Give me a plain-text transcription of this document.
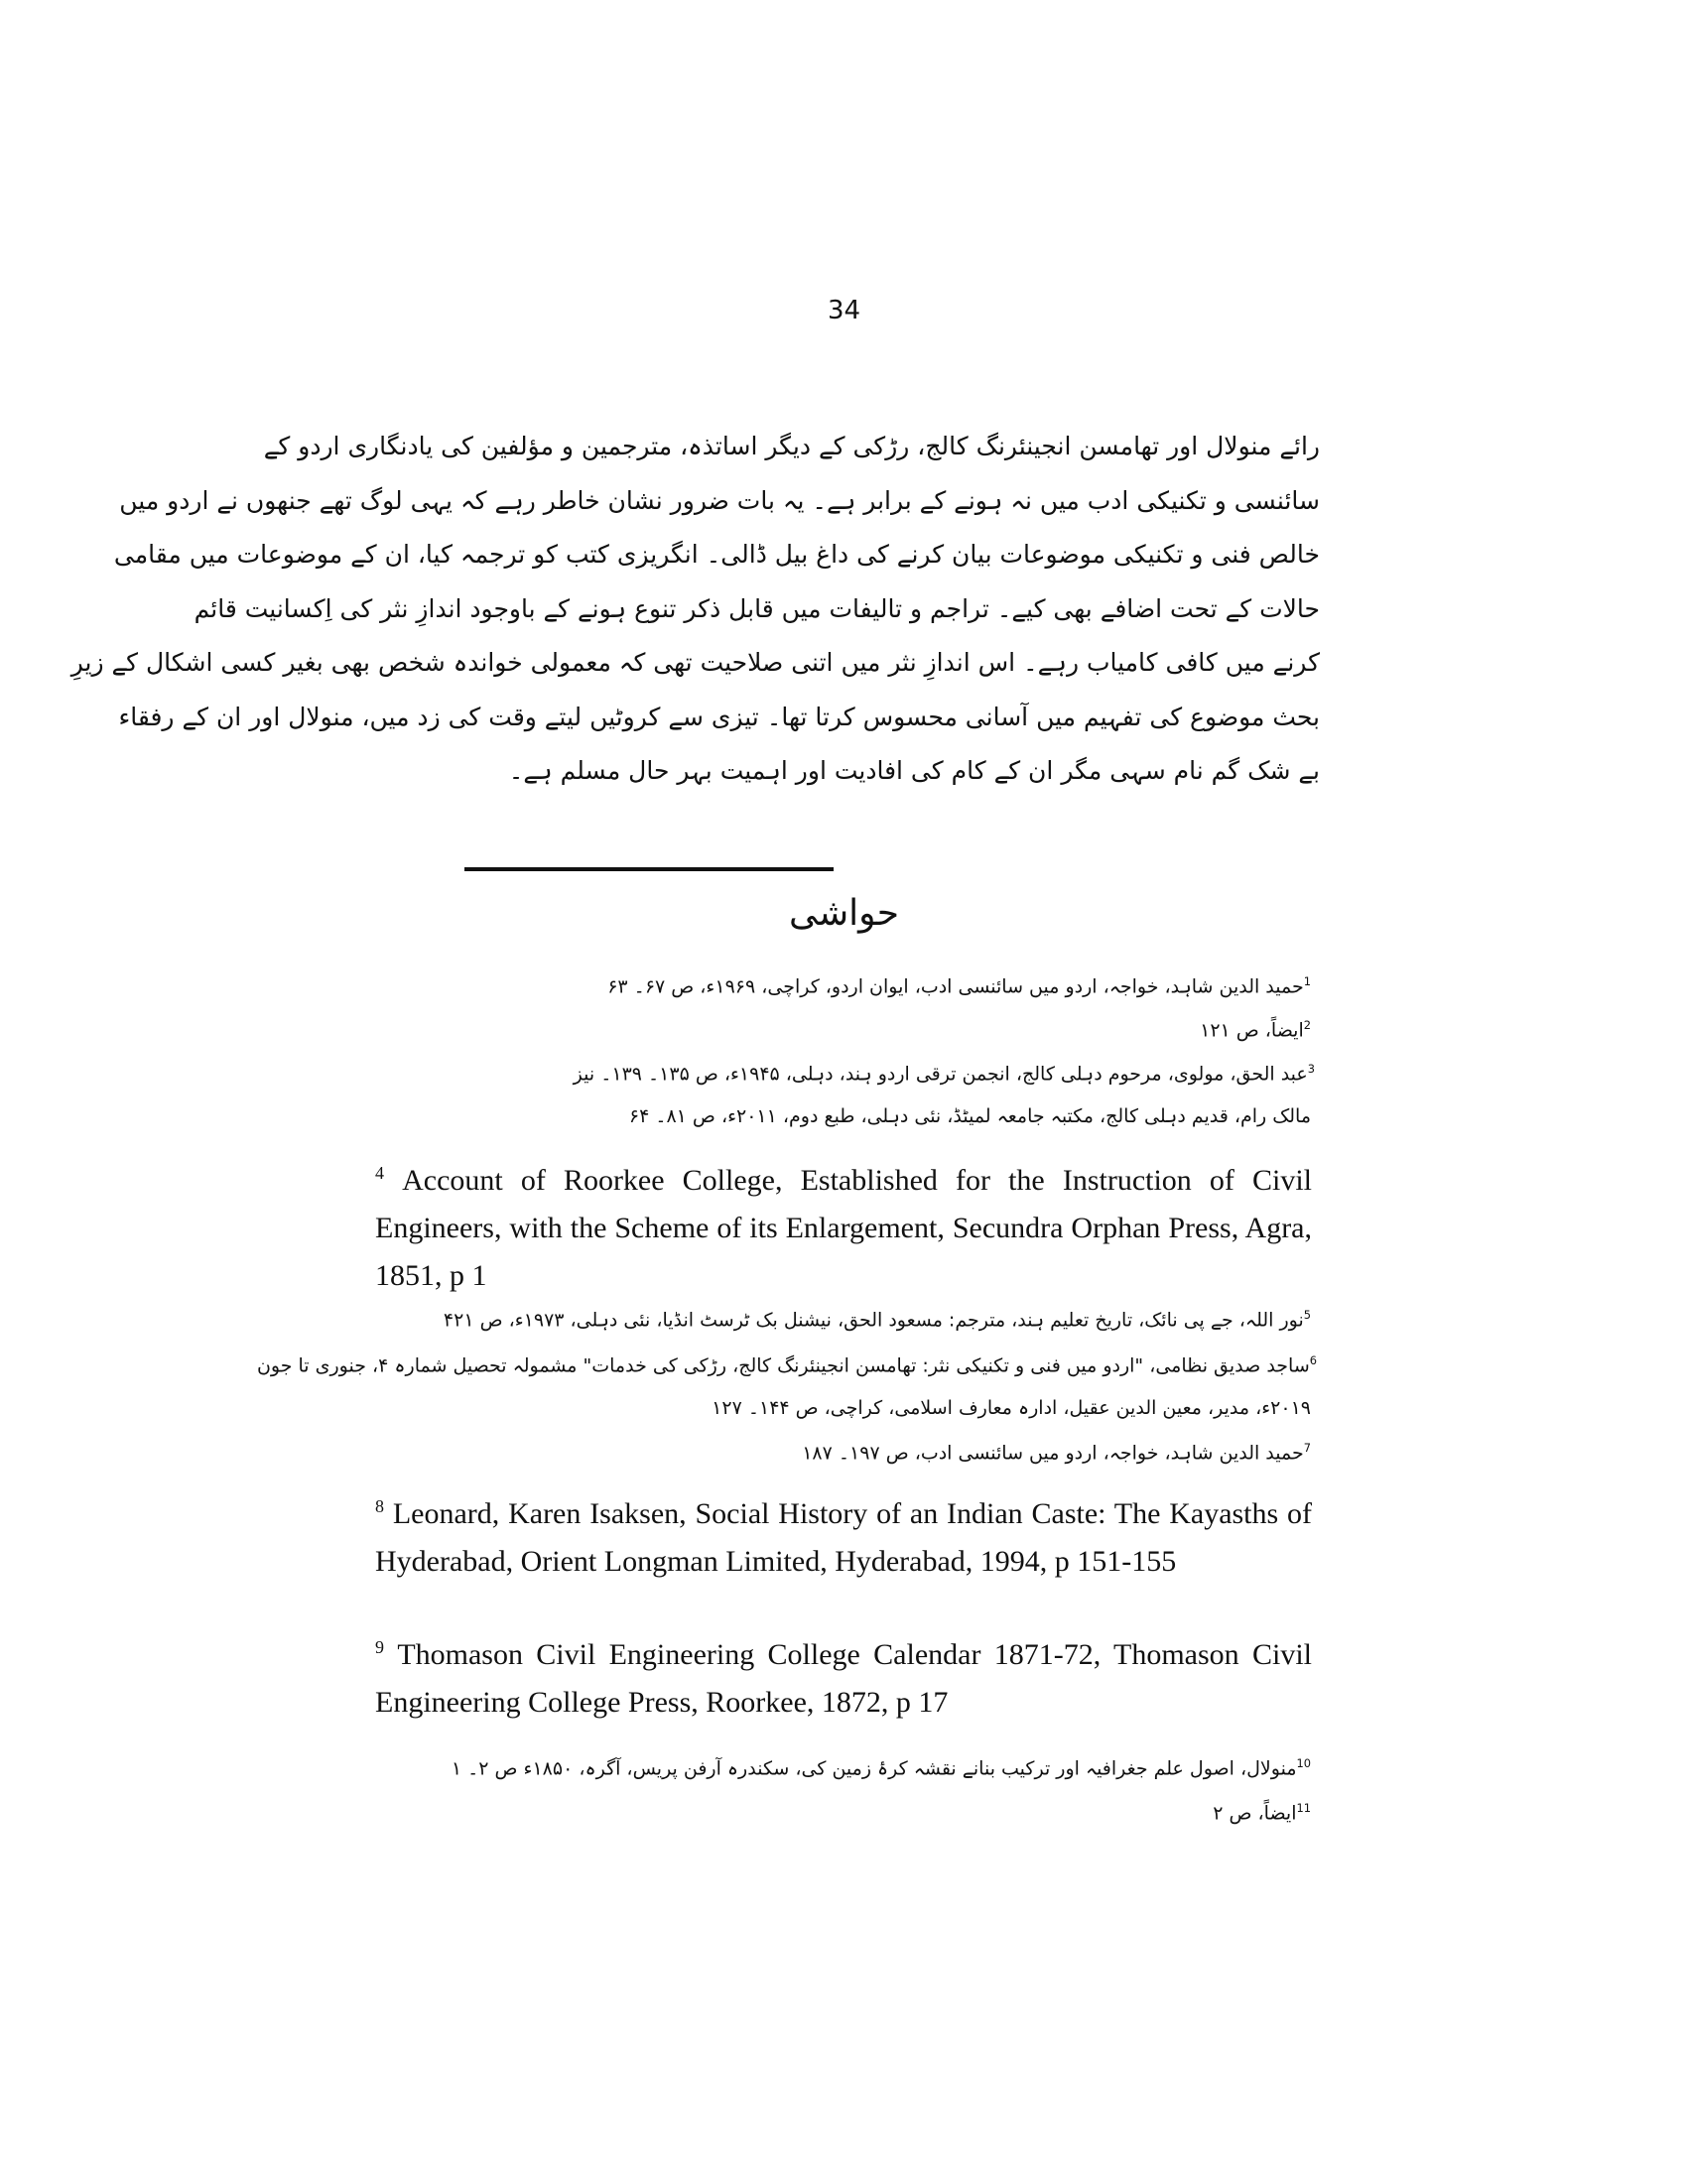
34
رائے منولال اور تھامسن انجینئرنگ کالج، رڑکی کے دیگر اساتذہ، مترجمین و مؤلفین کی یادنگاری اردو کے
سائنسی و تکنیکی ادب میں نہ ہونے کے برابر ہے۔ یہ بات ضرور نشان خاطر رہے کہ یہی لوگ تھے جنھوں نے اردو میں
خالص فنی و تکنیکی موضوعات بیان کرنے کی داغ بیل ڈالی۔ انگریزی کتب کو ترجمہ کیا، ان کے موضوعات میں مقامی
حالات کے تحت اضافے بھی کیے۔ تراجم و تالیفات میں قابل ذکر تنوع ہونے کے باوجود اندازِ نثر کی اِکسانیت قائم
کرنے میں کافی کامیاب رہے۔ اس اندازِ نثر میں اتنی صلاحیت تھی کہ معمولی خواندہ شخص بھی بغیر کسی اشکال کے زیرِ
بحث موضوع کی تفہیم میں آسانی محسوس کرتا تھا۔ تیزی سے کروٹیں لیتے وقت کی زد میں، منولال اور ان کے رفقاء
بے شک گم نام سہی مگر ان کے کام کی افادیت اور اہمیت بہر حال مسلم ہے۔
حواشی
$^1$حمید الدین شاہد، خواجہ، اردو میں سائنسی ادب، ایوان اردو، کراچی، ۱۹۶۹ء، ص ۶۷۔ ۶۳
$^2$ایضاً، ص ۱۲۱
$^3$عبد الحق، مولوی، مرحوم دہلی کالج، انجمن ترقی اردو ہند، دہلی، ۱۹۴۵ء، ص ۱۳۵۔ ۱۳۹۔ نیز
مالک رام، قدیم دہلی کالج، مکتبہ جامعہ لمیٹڈ، نئی دہلی، طبع دوم، ۲۰۱۱ء، ص ۸۱۔ ۶۴
$^4$ Account of Roorkee College, Established for the Instruction of Civil Engineers, with the Scheme of its Enlargement, Secundra Orphan Press, Agra, 1851, p 1
$^5$نور اللہ، جے پی نائک، تاریخ تعلیم ہند، مترجم: مسعود الحق، نیشنل بک ٹرسٹ انڈیا، نئی دہلی، ۱۹۷۳ء، ص ۴۲۱
$^6$ساجد صدیق نظامی، "اردو میں فنی و تکنیکی نثر: تھامسن انجینئرنگ کالج، رڑکی کی خدمات" مشمولہ تحصیل شمارہ ۴، جنوری تا جون
۲۰۱۹ء، مدیر، معین الدین عقیل، ادارہ معارف اسلامی، کراچی، ص ۱۴۴۔ ۱۲۷
$^7$حمید الدین شاہد، خواجہ، اردو میں سائنسی ادب، ص ۱۹۷۔ ۱۸۷
$^8$ Leonard, Karen Isaksen, Social History of an Indian Caste: The Kayasths of Hyderabad, Orient Longman Limited, Hyderabad, 1994, p 151-155
$^9$ Thomason Civil Engineering College Calendar 1871-72, Thomason Civil Engineering College Press, Roorkee, 1872, p 17
$^{10}$منولال، اصول علم جغرافیہ اور ترکیب بنانے نقشہ کرۂ زمین کی، سکندرہ آرفن پریس، آگرہ، ۱۸۵۰ء ص ۲۔ ۱
$^{11}$ایضاً، ص ۲
